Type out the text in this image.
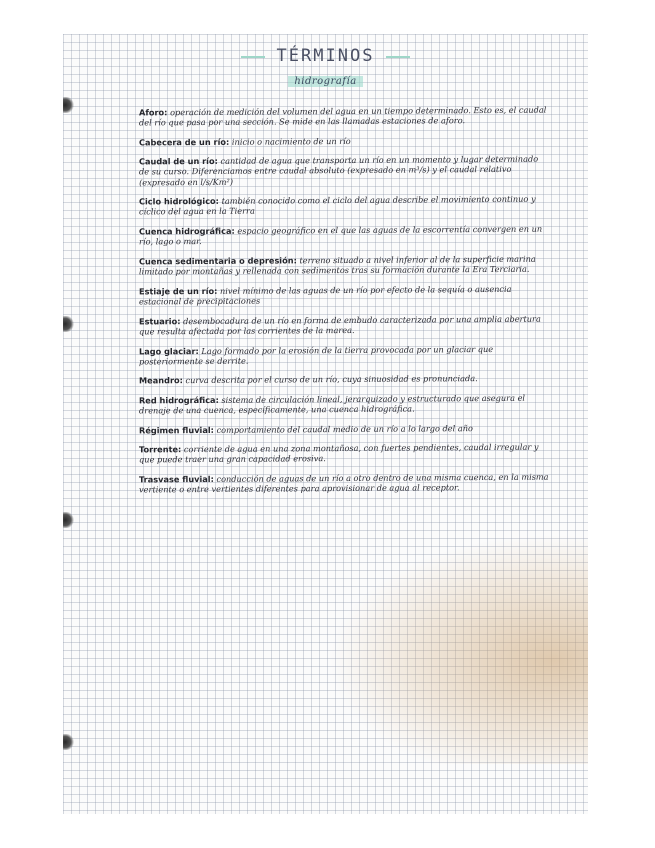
TÉRMINOS
hidrografía
Aforo: operación de medición del volumen del agua en un tiempo determinado. Esto es, el caudal del río que pasa por una sección. Se mide en las llamadas estaciones de aforo.
Cabecera de un río: inicio o nacimiento de un río
Caudal de un río: cantidad de agua que transporta un río en un momento y lugar determinado de su curso. Diferenciamos entre caudal absoluto (expresado en m³/s) y el caudal relativo (expresado en l/s/Km²)
Ciclo hidrológico: también conocido como el ciclo del agua describe el movimiento continuo y cíclico del agua en la Tierra
Cuenca hidrográfica: espacio geográfico en el que las aguas de la escorrentía convergen en un río, lago o mar.
Cuenca sedimentaria o depresión: terreno situado a nivel inferior al de la superficie marina limitado por montañas y rellenada con sedimentos tras su formación durante la Era Terciaria.
Estiaje de un río: nivel mínimo de las aguas de un río por efecto de la sequía o ausencia estacional de precipitaciones
Estuario: desembocadura de un río en forma de embudo caracterizada por una amplia abertura que resulta afectada por las corrientes de la marea.
Lago glaciar: Lago formado por la erosión de la tierra provocada por un glaciar que posteriormente se derrite.
Meandro: curva descrita por el curso de un río, cuya sinuosidad es pronunciada.
Red hidrográfica: sistema de circulación lineal, jerarquizado y estructurado que asegura el drenaje de una cuenca, específicamente, una cuenca hidrográfica.
Régimen fluvial: comportamiento del caudal medio de un río a lo largo del año
Torrente: corriente de agua en una zona montañosa, con fuertes pendientes, caudal irregular y que puede traer una gran capacidad erosiva.
Trasvase fluvial: conducción de aguas de un río a otro dentro de una misma cuenca, en la misma vertiente o entre vertientes diferentes para aprovisionar de agua al receptor.
